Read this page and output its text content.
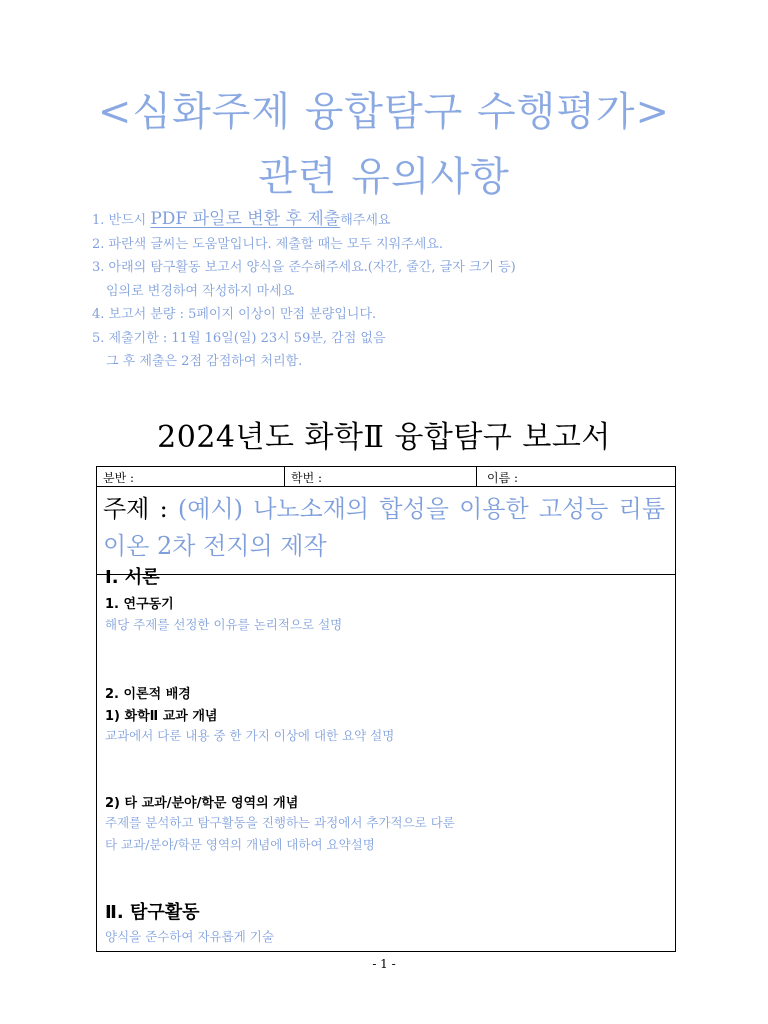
<심화주제 융합탐구 수행평가>
관련 유의사항
1. 반드시 PDF 파일로 변환 후 제출해주세요
2. 파란색 글씨는 도움말입니다. 제출할 때는 모두 지워주세요.
3. 아래의 탐구활동 보고서 양식을 준수해주세요.(자간, 줄간, 글자 크기 등)
임의로 변경하여 작성하지 마세요
4. 보고서 분량 : 5페이지 이상이 만점 분량입니다.
5. 제출기한 : 11월 16일(일) 23시 59분, 감점 없음
그 후 제출은 2점 감점하여 처리함.
2024년도 화학Ⅱ 융합탐구 보고서
분반 :	학번 :	이름 :
주제 : (예시) 나노소재의 합성을 이용한 고성능 리튬이온 2차 전지의 제작
Ⅰ. 서론
1. 연구동기
해당 주제를 선정한 이유를 논리적으로 설명
2. 이론적 배경
1) 화학Ⅱ 교과 개념
교과에서 다룬 내용 중 한 가지 이상에 대한 요약 설명
2) 타 교과/분야/학문 영역의 개념
주제를 분석하고 탐구활동을 진행하는 과정에서 추가적으로 다룬
타 교과/분야/학문 영역의 개념에 대하여 요약설명
Ⅱ. 탐구활동
양식을 준수하여 자유롭게 기술
- 1 -
